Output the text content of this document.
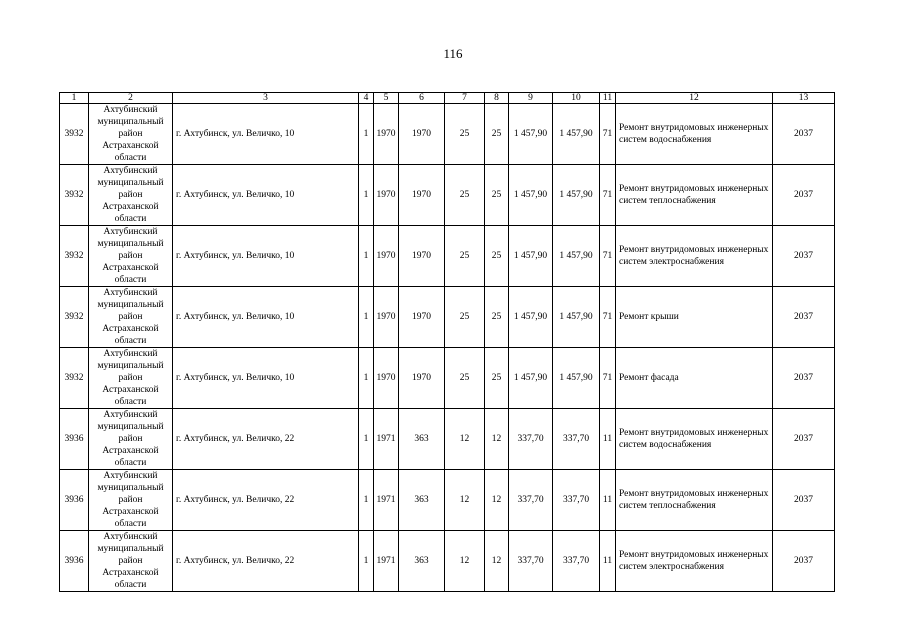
116
1	2	3	4	5	6	7	8	9	10	11	12	13
3932	Ахтубинский муниципальный район Астраханской области	г. Ахтубинск, ул. Величко, 10	1	1970	1970	25	25	1 457,90	1 457,90	71	Ремонт внутридомовых инженерных систем водоснабжения	2037
3932	Ахтубинский муниципальный район Астраханской области	г. Ахтубинск, ул. Величко, 10	1	1970	1970	25	25	1 457,90	1 457,90	71	Ремонт внутридомовых инженерных систем теплоснабжения	2037
3932	Ахтубинский муниципальный район Астраханской области	г. Ахтубинск, ул. Величко, 10	1	1970	1970	25	25	1 457,90	1 457,90	71	Ремонт внутридомовых инженерных систем электроснабжения	2037
3932	Ахтубинский муниципальный район Астраханской области	г. Ахтубинск, ул. Величко, 10	1	1970	1970	25	25	1 457,90	1 457,90	71	Ремонт крыши	2037
3932	Ахтубинский муниципальный район Астраханской области	г. Ахтубинск, ул. Величко, 10	1	1970	1970	25	25	1 457,90	1 457,90	71	Ремонт фасада	2037
3936	Ахтубинский муниципальный район Астраханской области	г. Ахтубинск, ул. Величко, 22	1	1971	363	12	12	337,70	337,70	11	Ремонт внутридомовых инженерных систем водоснабжения	2037
3936	Ахтубинский муниципальный район Астраханской области	г. Ахтубинск, ул. Величко, 22	1	1971	363	12	12	337,70	337,70	11	Ремонт внутридомовых инженерных систем теплоснабжения	2037
3936	Ахтубинский муниципальный район Астраханской области	г. Ахтубинск, ул. Величко, 22	1	1971	363	12	12	337,70	337,70	11	Ремонт внутридомовых инженерных систем электроснабжения	2037
